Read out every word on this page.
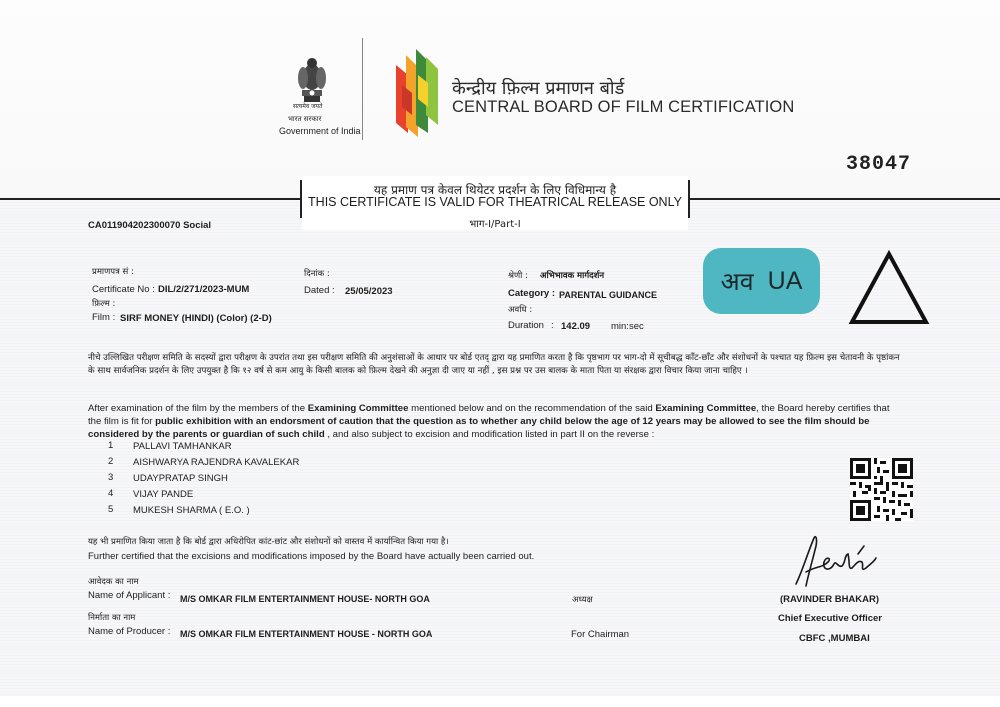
सत्यमेव जयते
भारत सरकार
Government of India
केन्द्रीय फ़िल्म प्रमाणन बोर्ड
CENTRAL BOARD OF FILM CERTIFICATION
38047
यह प्रमाण पत्र केवल थियेटर प्रदर्शन के लिए विधिमान्य है
THIS CERTIFICATE IS VALID FOR THEATRICAL RELEASE ONLY
भाग-I/Part-I
CA011904202300070 Social
प्रमाणपत्र सं :
Certificate No : DIL/2/271/2023-MUM
दिनांक :
Dated : 25/05/2023
फ़िल्म :
Film : SIRF MONEY (HINDI) (Color) (2-D)
श्रेणी : अभिभावक मार्गदर्शन
Category : PARENTAL GUIDANCE
अवधि :
Duration : 142.09 min:sec
अव UA
नीचे उल्लिखित परीक्षण समिति के सदस्यों द्वारा परीक्षण के उपरांत तथा इस परीक्षण समिति की अनुशंसाओं के आधार पर बोर्ड एतद् द्वारा यह प्रमाणित करता है कि पृष्ठभाग पर भाग-दो में सूचीबद्ध काँट-छाँट और संशोधनों के पश्चात यह फ़िल्म इस चेतावनी के पृष्ठांकन के साथ सार्वजनिक प्रदर्शन के लिए उपयुक्त है कि १२ वर्ष से कम आयु के किसी बालक को फ़िल्म देखने की अनुज्ञा दी जाए या नहीं , इस प्रश्न पर उस बालक के माता पिता या संरक्षक द्वारा विचार किया जाना चाहिए ।
After examination of the film by the members of the Examining Committee mentioned below and on the recommendation of the said Examining Committee, the Board hereby certifies that the film is fit for public exhibition with an endorsment of caution that the question as to whether any child below the age of 12 years may be allowed to see the film should be considered by the parents or guardian of such child , and also subject to excision and modification listed in part II on the reverse :
1 PALLAVI TAMHANKAR
2 AISHWARYA RAJENDRA KAVALEKAR
3 UDAYPRATAP SINGH
4 VIJAY PANDE
5 MUKESH SHARMA ( E.O. )
यह भी प्रमाणित किया जाता है कि बोर्ड द्वारा अधिरोपित कांट-छांट और संशोधनों को वास्तव में कार्यान्वित किया गया है।
Further certified that the excisions and modifications imposed by the Board have actually been carried out.
आवेदक का नाम
Name of Applicant : M/S OMKAR FILM ENTERTAINMENT HOUSE- NORTH GOA
निर्माता का नाम
Name of Producer : M/S OMKAR FILM ENTERTAINMENT HOUSE - NORTH GOA
अध्यक्ष
For Chairman
(RAVINDER BHAKAR)
Chief Executive Officer
CBFC ,MUMBAI
